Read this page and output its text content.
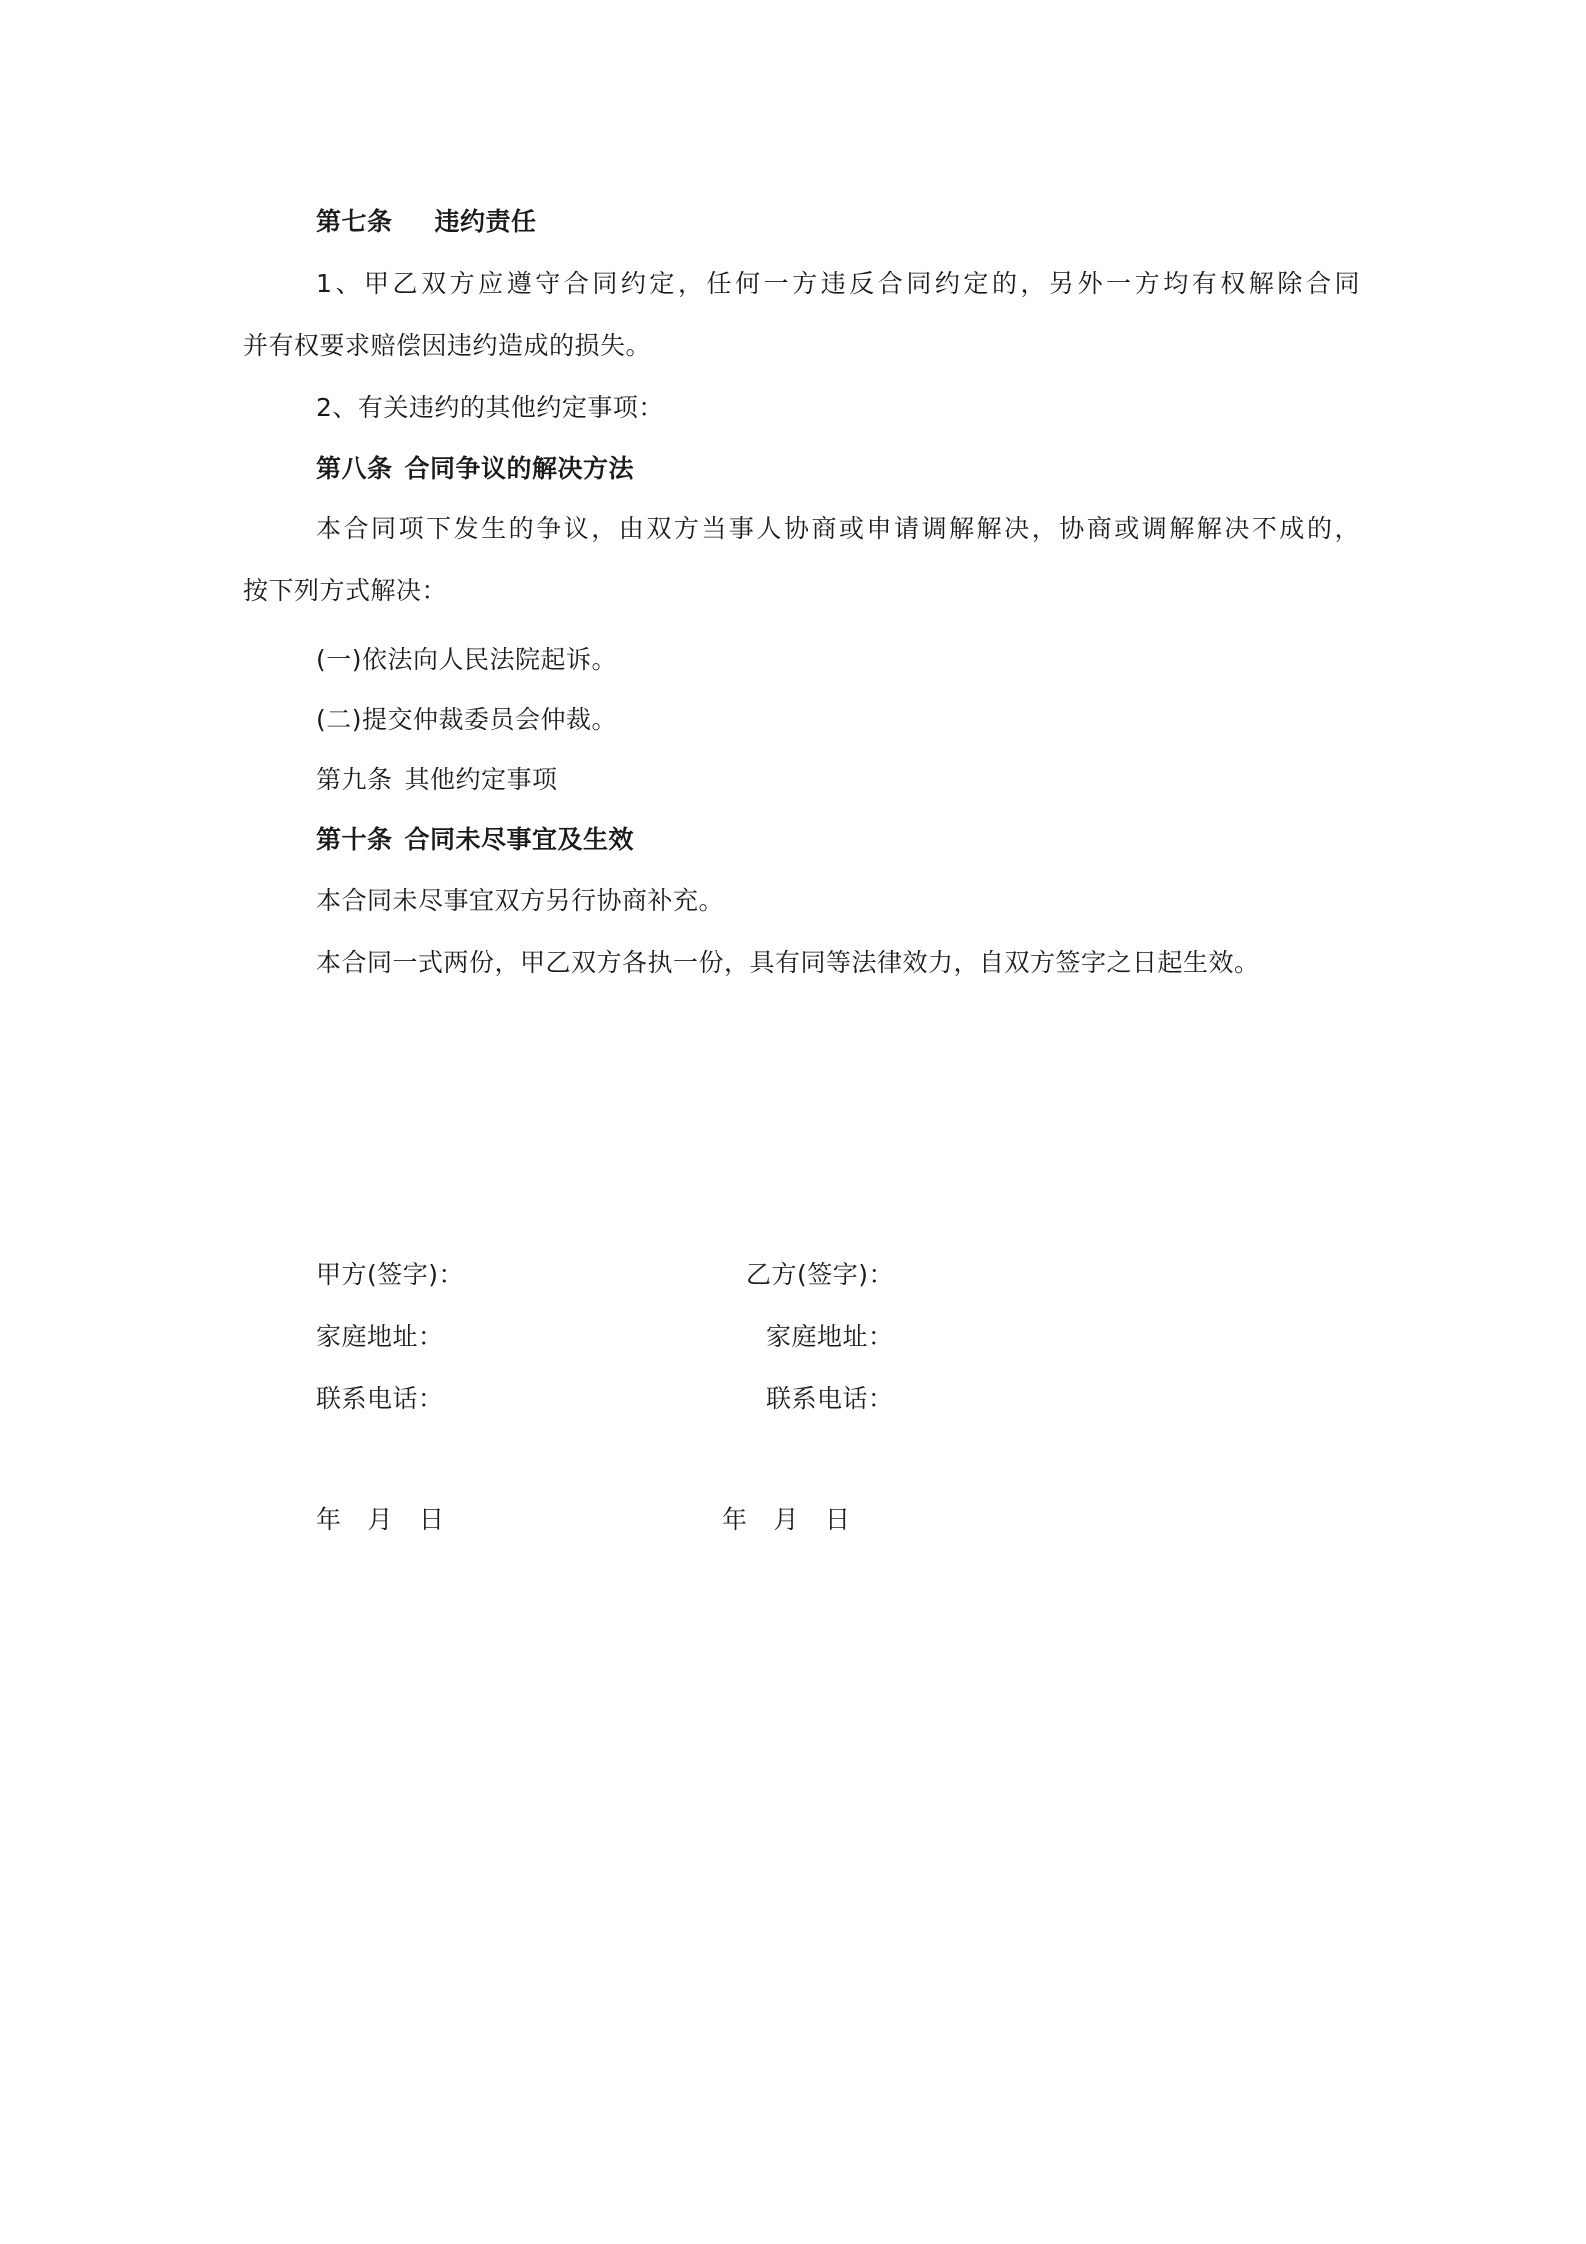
第七条 违约责任
1、甲乙双方应遵守合同约定，任何一方违反合同约定的，另外一方均有权解除合同
并有权要求赔偿因违约造成的损失。
2、有关违约的其他约定事项：
第八条 合同争议的解决方法
本合同项下发生的争议，由双方当事人协商或申请调解解决，协商或调解解决不成的，
按下列方式解决：
(一)依法向人民法院起诉。
(二)提交仲裁委员会仲裁。
第九条 其他约定事项
第十条 合同未尽事宜及生效
本合同未尽事宜双方另行协商补充。
本合同一式两份，甲乙双方各执一份，具有同等法律效力，自双方签字之日起生效。
甲方(签字)：	乙方(签字)：
家庭地址：	家庭地址：
联系电话：	联系电话：
年 月 日	年 月 日
